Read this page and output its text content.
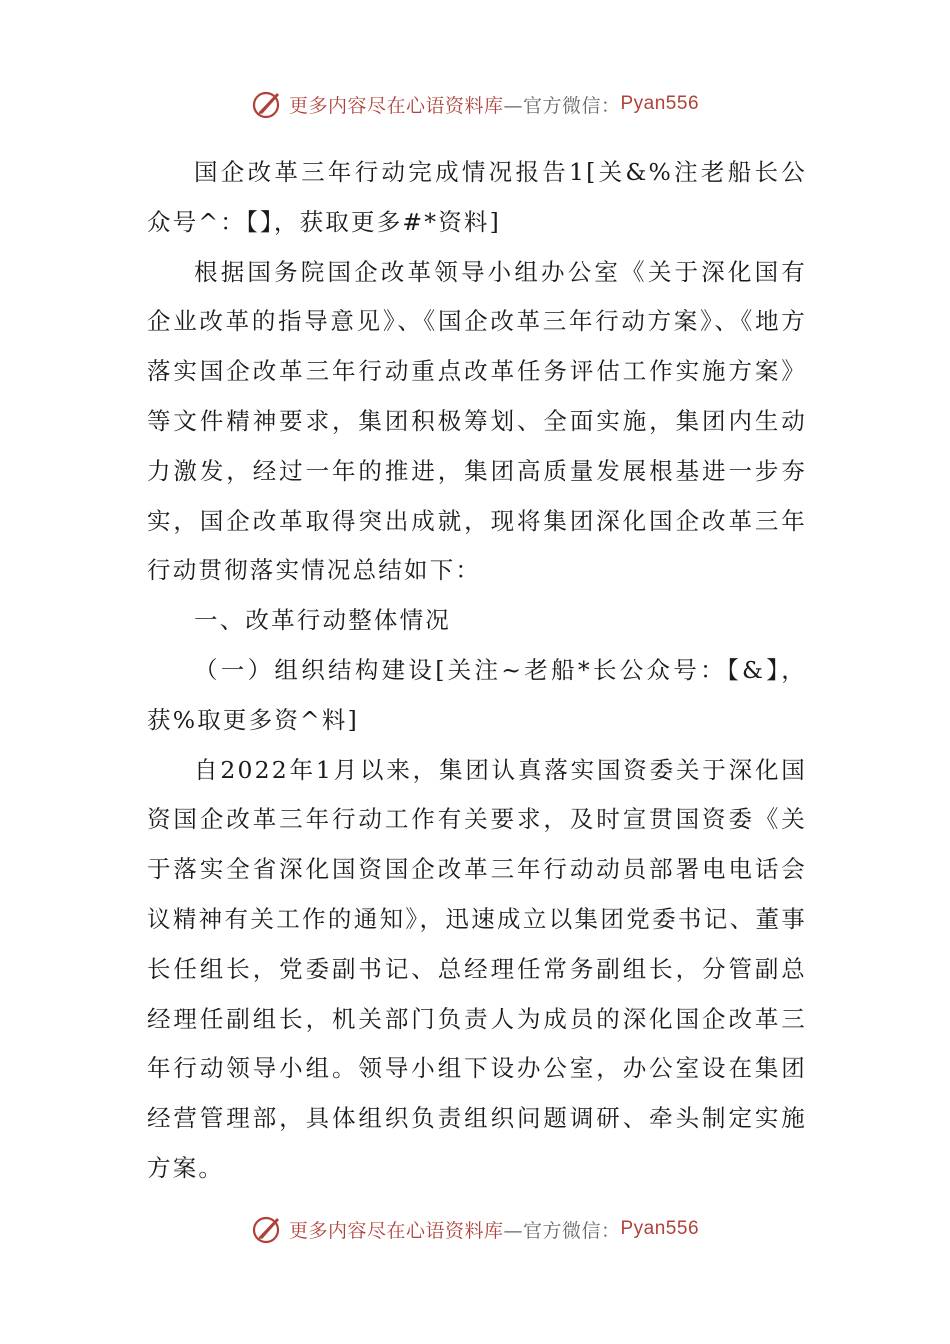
更多内容尽在心语资料库 —官方微信： Pyan556

国企改革三年行动完成情况报告1[关&%注老船长公众号^：【】，获取更多#*资料]

根据国务院国企改革领导小组办公室《关于深化国有企业改革的指导意见》、《国企改革三年行动方案》、《地方落实国企改革三年行动重点改革任务评估工作实施方案》等文件精神要求，集团积极筹划、全面实施，集团内生动力激发，经过一年的推进，集团高质量发展根基进一步夯实，国企改革取得突出成就，现将集团深化国企改革三年行动贯彻落实情况总结如下：

一、改革行动整体情况

（一）组织结构建设[关注~老船*长公众号：【&】，获%取更多资^料]

自2022年1月以来，集团认真落实国资委关于深化国资国企改革三年行动工作有关要求，及时宣贯国资委《关于落实全省深化国资国企改革三年行动动员部署电电话会议精神有关工作的通知》，迅速成立以集团党委书记、董事长任组长，党委副书记、总经理任常务副组长，分管副总经理任副组长，机关部门负责人为成员的深化国企改革三年行动领导小组。领导小组下设办公室，办公室设在集团经营管理部，具体组织负责组织问题调研、牵头制定实施方案。

更多内容尽在心语资料库 —官方微信： Pyan556
